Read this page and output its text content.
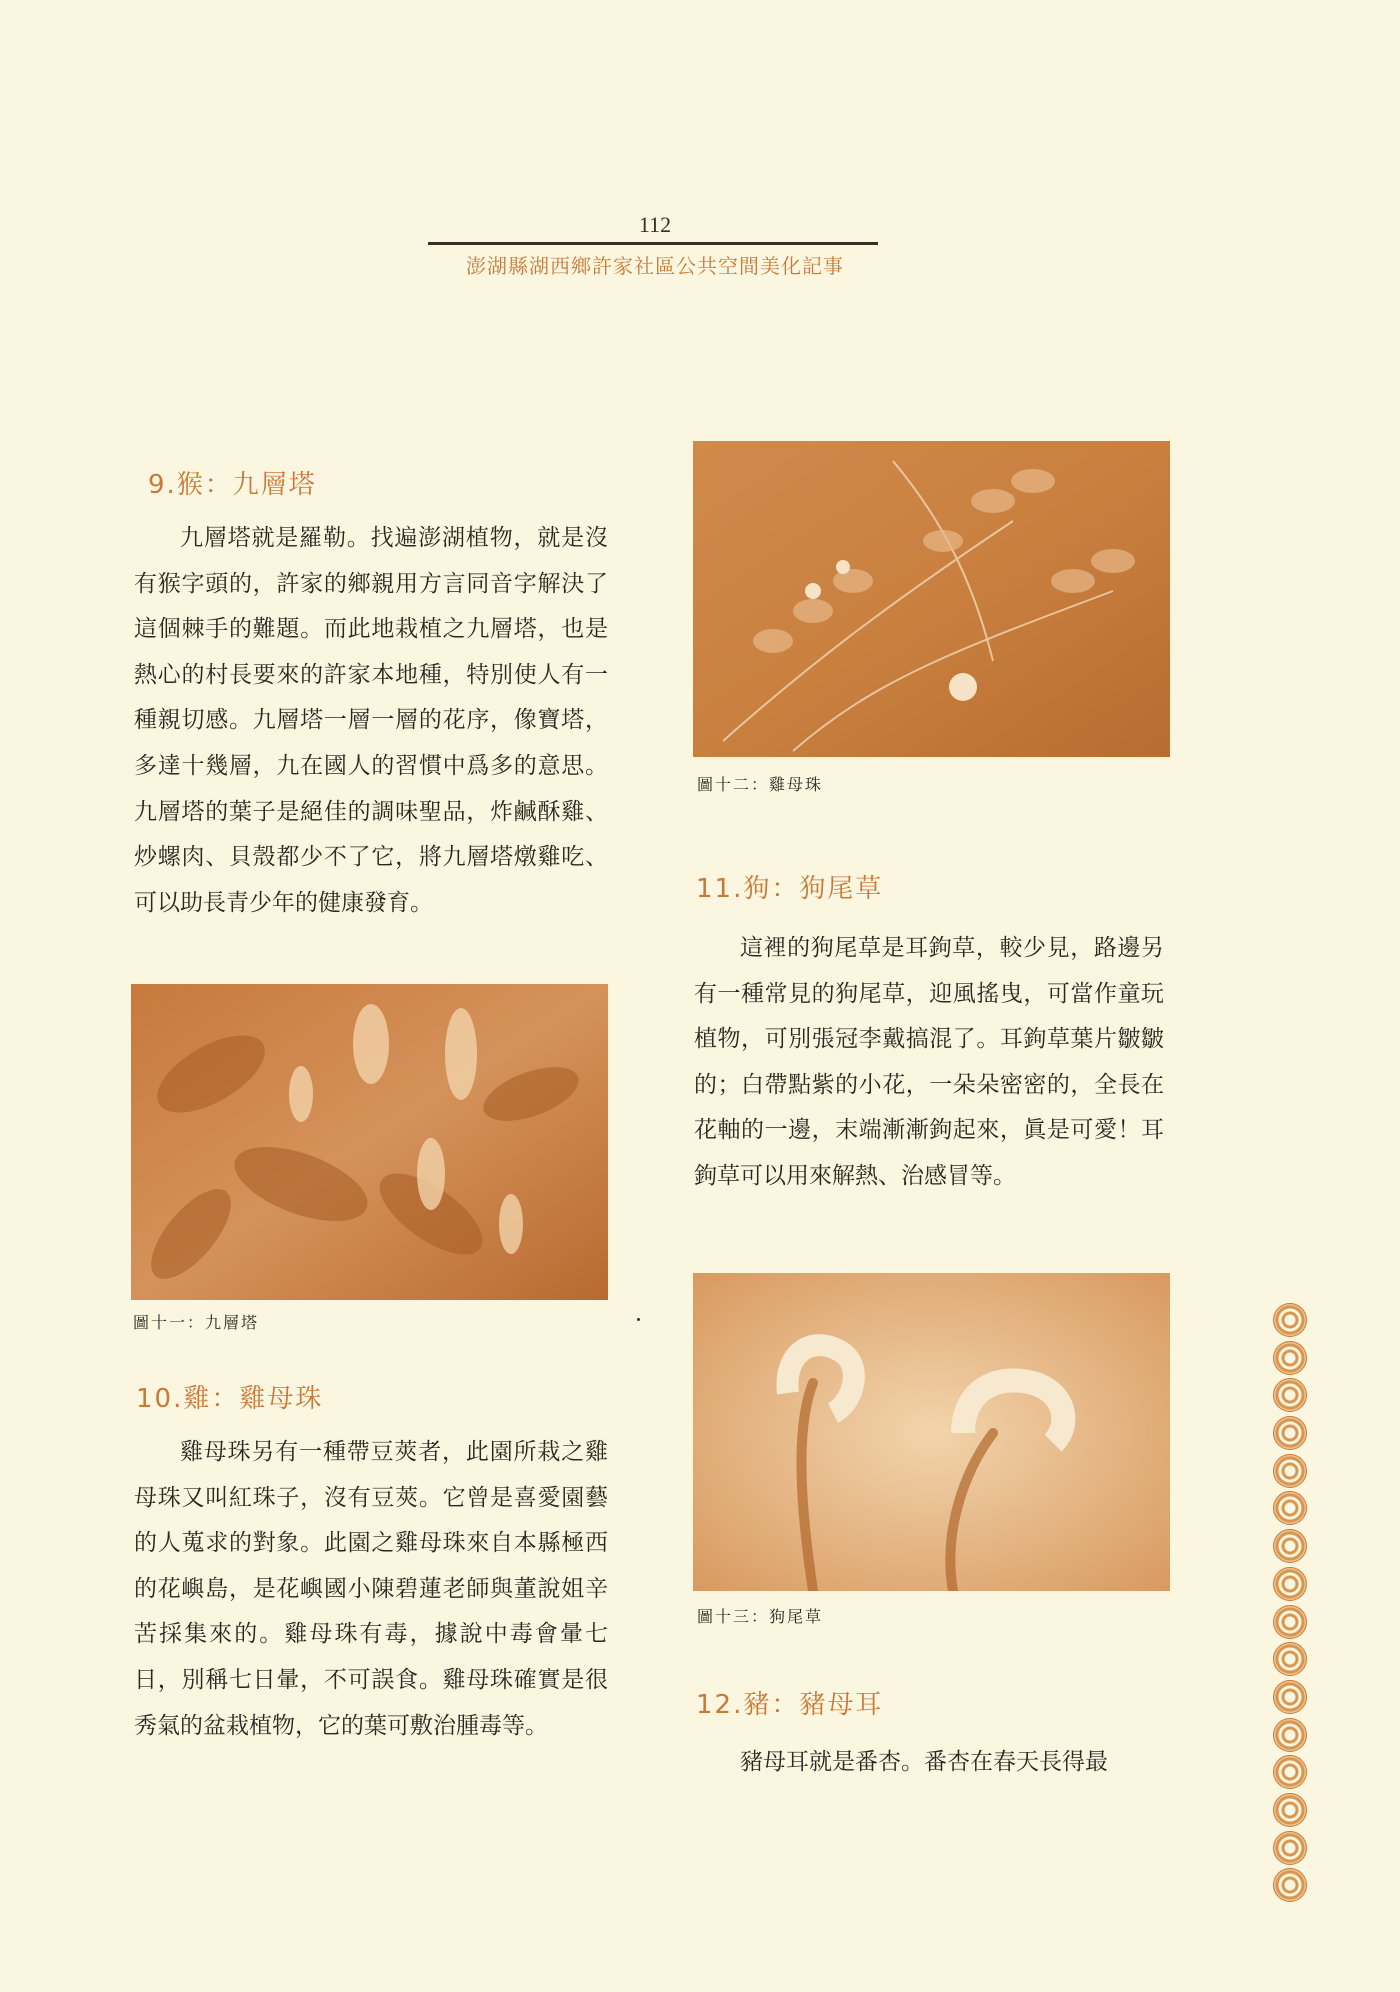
112
澎湖縣湖西鄉許家社區公共空間美化記事
9.猴：九層塔

九層塔就是羅勒。找遍澎湖植物，就是沒有猴字頭的，許家的鄉親用方言同音字解決了這個棘手的難題。而此地栽植之九層塔，也是熱心的村長要來的許家本地種，特別使人有一種親切感。九層塔一層一層的花序，像寶塔，多達十幾層，九在國人的習慣中爲多的意思。九層塔的葉子是絕佳的調味聖品，炸鹹酥雞、炒螺肉、貝殼都少不了它，將九層塔燉雞吃、可以助長青少年的健康發育。

圖十一：九層塔
10.雞：雞母珠

雞母珠另有一種帶豆莢者，此園所栽之雞母珠又叫紅珠子，沒有豆莢。它曾是喜愛園藝的人蒐求的對象。此園之雞母珠來自本縣極西的花嶼島，是花嶼國小陳碧蓮老師與董說姐辛苦採集來的。雞母珠有毒，據說中毒會暈七日，別稱七日暈，不可誤食。雞母珠確實是很秀氣的盆栽植物，它的葉可敷治腫毒等。

圖十二：雞母珠
11.狗：狗尾草

這裡的狗尾草是耳鉤草，較少見，路邊另有一種常見的狗尾草，迎風搖曳，可當作童玩植物，可別張冠李戴搞混了。耳鉤草葉片皺皺的；白帶點紫的小花，一朵朵密密的，全長在花軸的一邊，末端漸漸鉤起來，眞是可愛！耳鉤草可以用來解熱、治感冒等。

圖十三：狗尾草
12.豬：豬母耳

豬母耳就是番杏。番杏在春天長得最
